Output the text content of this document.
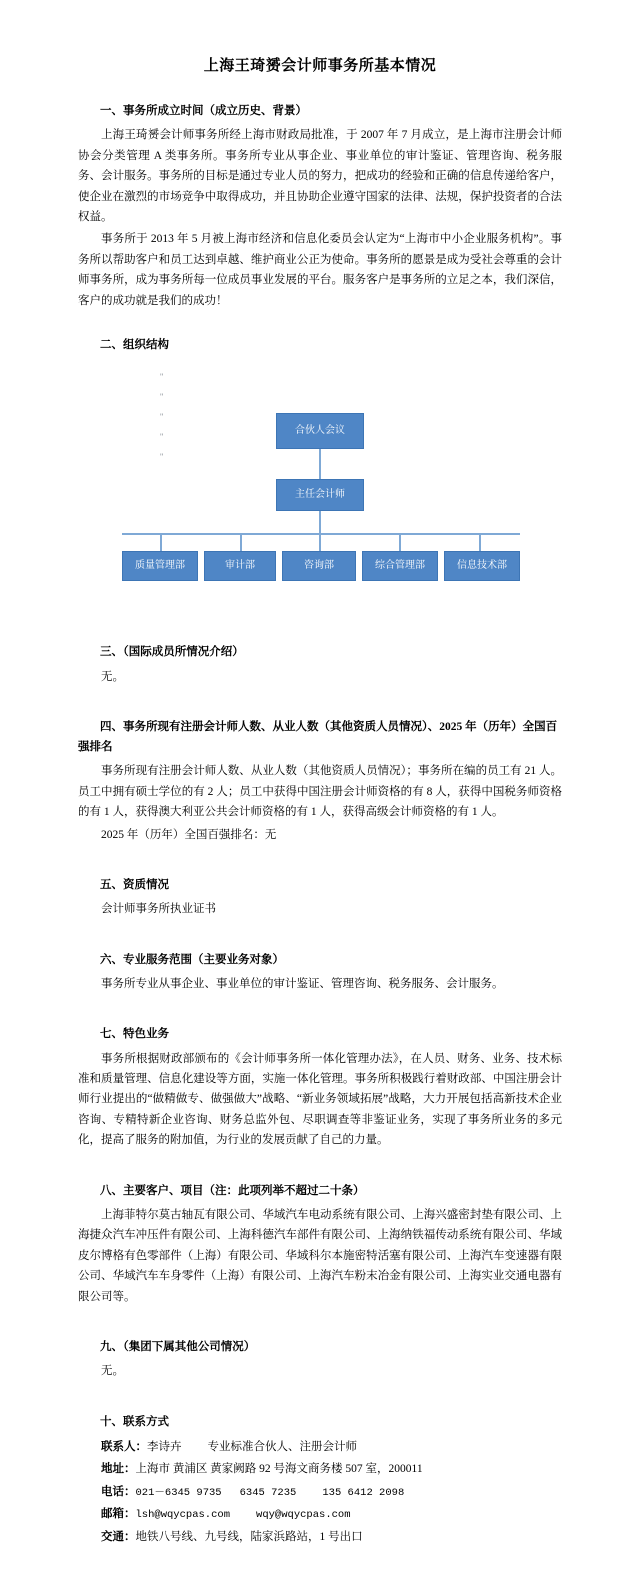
上海王琦赟会计师事务所基本情况
一、事务所成立时间（成立历史、背景）

上海王琦赟会计师事务所经上海市财政局批准，于 2007 年 7 月成立，是上海市注册会计师协会分类管理 A 类事务所。事务所专业从事企业、事业单位的审计鉴证、管理咨询、税务服务、会计服务。事务所的目标是通过专业人员的努力，把成功的经验和正确的信息传递给客户，使企业在激烈的市场竞争中取得成功，并且协助企业遵守国家的法律、法规，保护投资者的合法权益。

事务所于 2013 年 5 月被上海市经济和信息化委员会认定为“上海市中小企业服务机构”。事务所以帮助客户和员工达到卓越、维护商业公正为使命。事务所的愿景是成为受社会尊重的会计师事务所，成为事务所每一位成员事业发展的平台。服务客户是事务所的立足之本，我们深信，客户的成功就是我们的成功！

二、组织结构
"
"
"
"
"
合伙人会议
主任会计师
质量管理部	审计部	咨询部	综合管理部	信息技术部
三、（国际成员所情况介绍）

无。

四、事务所现有注册会计师人数、从业人数（其他资质人员情况）、2025 年（历年）全国百强排名

事务所现有注册会计师人数、从业人数（其他资质人员情况）；事务所在编的员工有 21 人。员工中拥有硕士学位的有 2 人；员工中获得中国注册会计师资格的有 8 人，获得中国税务师资格的有 1 人，获得澳大利亚公共会计师资格的有 1 人，获得高级会计师资格的有 1 人。

2025 年（历年）全国百强排名：无

五、资质情况

会计师事务所执业证书

六、专业服务范围（主要业务对象）

事务所专业从事企业、事业单位的审计鉴证、管理咨询、税务服务、会计服务。

七、特色业务

事务所根据财政部颁布的《会计师事务所一体化管理办法》，在人员、财务、业务、技术标准和质量管理、信息化建设等方面，实施一体化管理。事务所积极践行着财政部、中国注册会计师行业提出的“做精做专、做强做大”战略、“新业务领域拓展”战略，大力开展包括高新技术企业咨询、专精特新企业咨询、财务总监外包、尽职调查等非鉴证业务，实现了事务所业务的多元化，提高了服务的附加值，为行业的发展贡献了自己的力量。

八、主要客户、项目（注：此项列举不超过二十条）

上海菲特尔莫古轴瓦有限公司、华域汽车电动系统有限公司、上海兴盛密封垫有限公司、上海捷众汽车冲压件有限公司、上海科德汽车部件有限公司、上海纳铁福传动系统有限公司、华域皮尔博格有色零部件（上海）有限公司、华域科尔本施密特活塞有限公司、上海汽车变速器有限公司、华域汽车车身零件（上海）有限公司、上海汽车粉末冶金有限公司、上海实业交通电器有限公司等。

九、（集团下属其他公司情况）

无。

十、联系方式

联系人：李诗卉 专业标准合伙人、注册会计师

地址：上海市 黄浦区 黄家阙路 92 号海文商务楼 507 室，200011

电话：021－6345 9735 6345 7235 135 6412 2098

邮箱：lsh@wqycpas.com wqy@wqycpas.com

交通：地铁八号线、九号线，陆家浜路站，1 号出口
